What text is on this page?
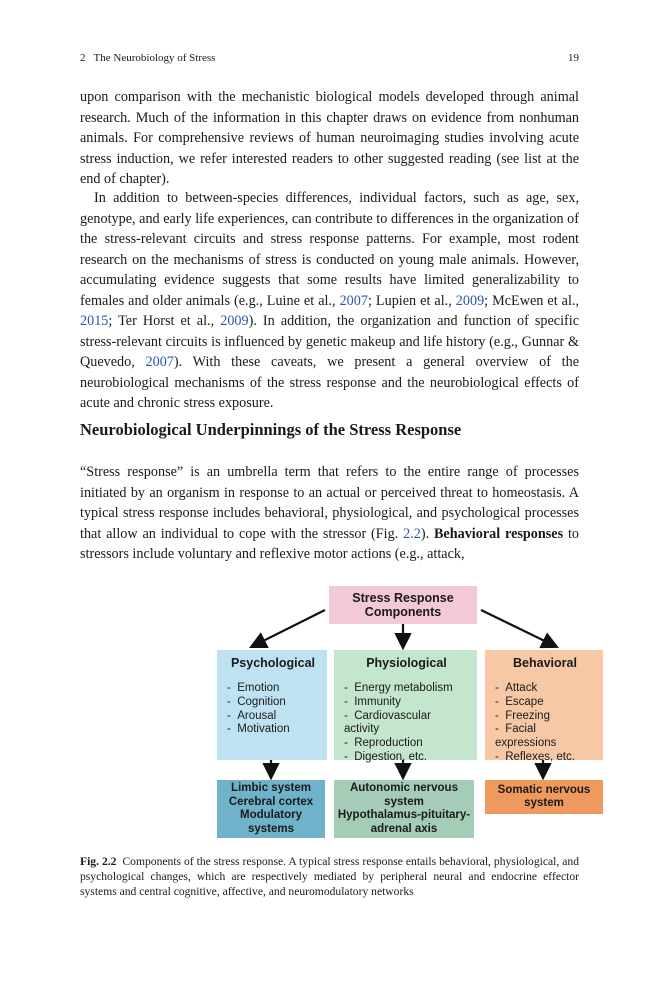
2   The Neurobiology of Stress	19

upon comparison with the mechanistic biological models developed through animal research. Much of the information in this chapter draws on evidence from nonhuman animals. For comprehensive reviews of human neuroimaging studies involving acute stress induction, we refer interested readers to other suggested reading (see list at the end of chapter).

In addition to between-species differences, individual factors, such as age, sex, genotype, and early life experiences, can contribute to differences in the organization of the stress-relevant circuits and stress response patterns. For example, most rodent research on the mechanisms of stress is conducted on young male animals. However, accumulating evidence suggests that some results have limited generalizability to females and older animals (e.g., Luine et al., 2007; Lupien et al., 2009; McEwen et al., 2015; Ter Horst et al., 2009). In addition, the organization and function of specific stress-relevant circuits is influenced by genetic makeup and life history (e.g., Gunnar & Quevedo, 2007). With these caveats, we present a general overview of the neurobiological mechanisms of the stress response and the neurobiological effects of acute and chronic stress exposure.

Neurobiological Underpinnings of the Stress Response

“Stress response” is an umbrella term that refers to the entire range of processes initiated by an organism in response to an actual or perceived threat to homeostasis. A typical stress response includes behavioral, physiological, and psychological processes that allow an individual to cope with the stressor (Fig. 2.2). Behavioral responses to stressors include voluntary and reflexive motor actions (e.g., attack,

Stress Response
Components
Psychological
-  Emotion
-  Cognition
-  Arousal
-  Motivation
Physiological
-  Energy metabolism
-  Immunity
-  Cardiovascular activity
-  Reproduction
-  Digestion, etc.
Behavioral
-  Attack
-  Escape
-  Freezing
-  Facial expressions
-  Reflexes, etc.
Limbic system
Cerebral cortex
Modulatory
systems
Autonomic nervous
system
Hypothalamus-pituitary-
adrenal axis
Somatic nervous
system
Fig. 2.2 Components of the stress response. A typical stress response entails behavioral, physiological, and psychological changes, which are respectively mediated by peripheral neural and endocrine effector systems and central cognitive, affective, and neuromodulatory networks
